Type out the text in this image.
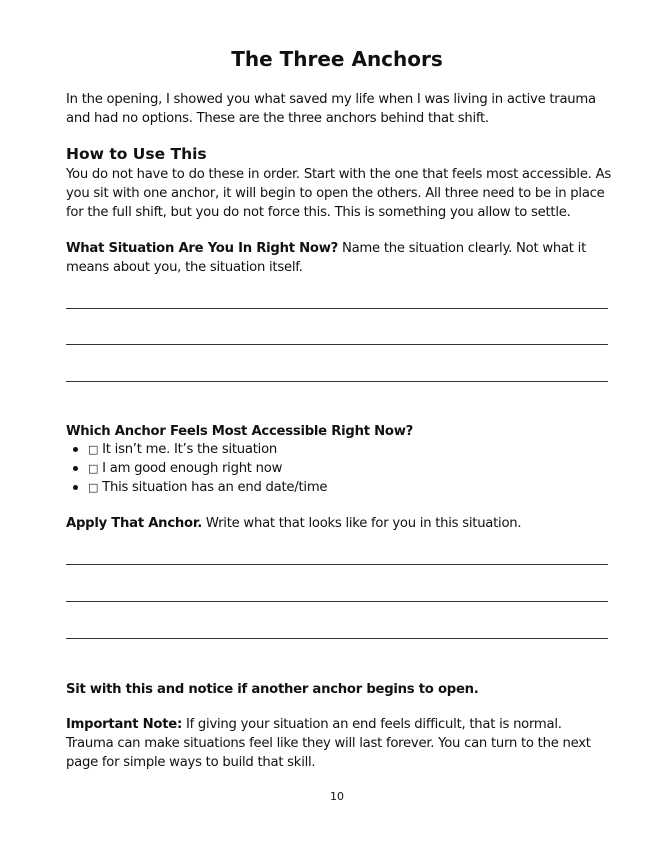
The Three Anchors
In the opening, I showed you what saved my life when I was living in active trauma and had no options. These are the three anchors behind that shift.
How to Use This
You do not have to do these in order. Start with the one that feels most accessible. As you sit with one anchor, it will begin to open the others. All three need to be in place for the full shift, but you do not force this. This is something you allow to settle.
What Situation Are You In Right Now? Name the situation clearly. Not what it means about you, the situation itself.
Which Anchor Feels Most Accessible Right Now?
□ It isn’t me. It’s the situation
□ I am good enough right now
□ This situation has an end date/time
Apply That Anchor. Write what that looks like for you in this situation.
Sit with this and notice if another anchor begins to open.
Important Note: If giving your situation an end feels difficult, that is normal. Trauma can make situations feel like they will last forever. You can turn to the next page for simple ways to build that skill.
10
